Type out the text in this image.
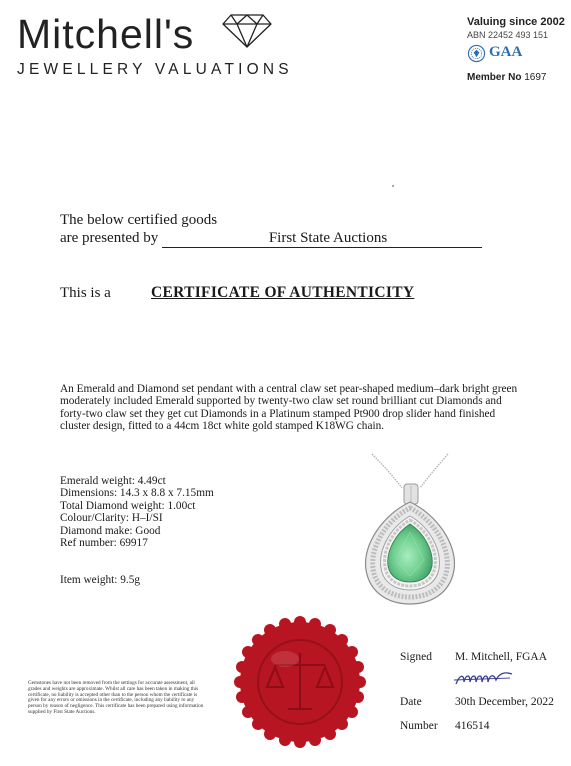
Mitchell's
JEWELLERY VALUATIONS
Valuing since 2002
ABN 22452 493 151
GAA
Member No 1697
The below certified goods
are presented by	First State Auctions
This is a	CERTIFICATE OF AUTHENTICITY
An Emerald and Diamond set pendant with a central claw set pear-shaped medium–dark bright green moderately included Emerald supported by twenty-two claw set round brilliant cut Diamonds and forty-two claw set they get cut Diamonds in a Platinum stamped Pt900 drop slider hand finished cluster design, fitted to a 44cm 18ct white gold stamped K18WG chain.
Emerald weight: 4.49ct
Dimensions: 14.3 x 8.8 x 7.15mm
Total Diamond weight: 1.00ct
Colour/Clarity: H–I/SI
Diamond make: Good
Ref number: 69917
Item weight: 9.5g
Gemstones have not been removed from the settings for accurate assessment, all grades and weights are approximate. Whilst all care has been taken in making this certificate, no liability is accepted other than to the person whom the certificate is given for any errors or omissions in the certificate, including any liability to any person by reason of negligence. This certificate has been prepared using information supplied by First State Auctions.
Signed M. Mitchell, FGAA
Date	30th December, 2022
Number 416514
